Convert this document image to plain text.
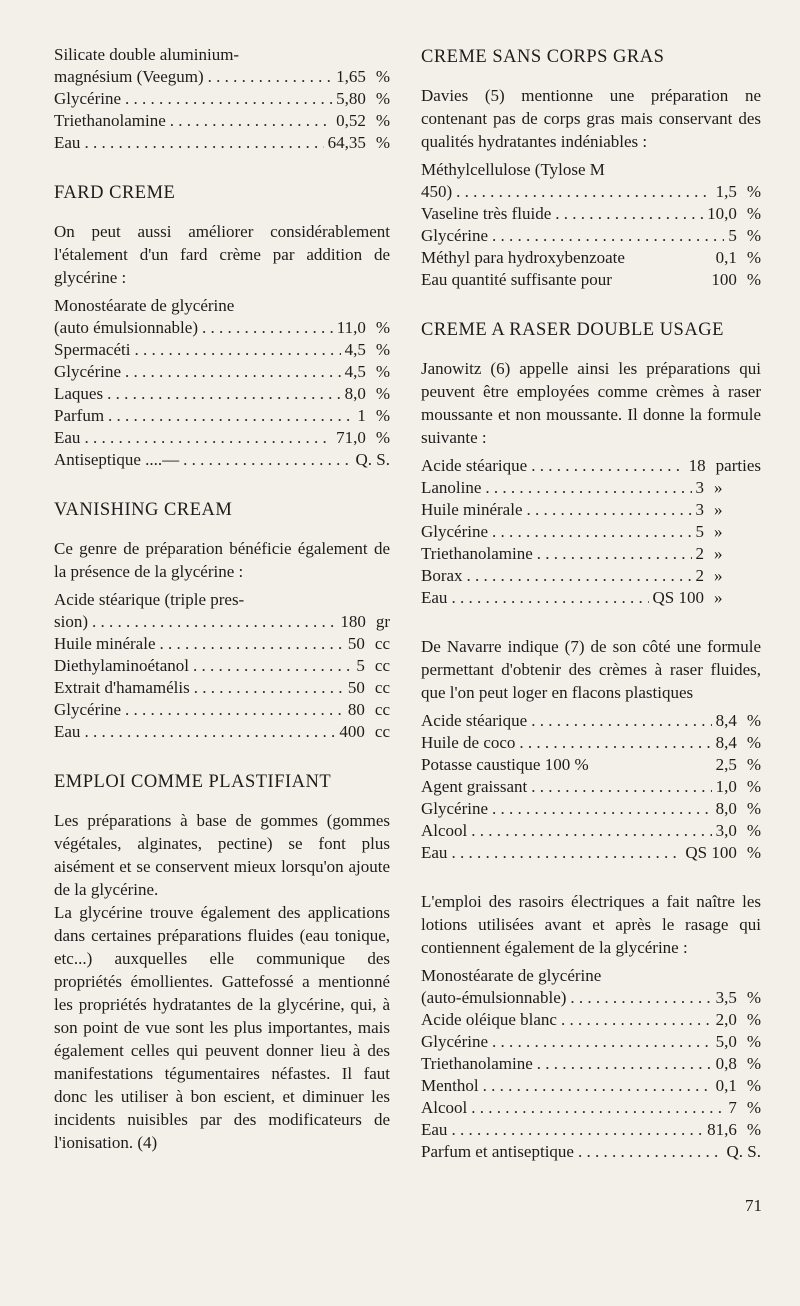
Silicate double aluminium-
magnésium (Veegum) . . .	1,65 %
Glycérine . . .	5,80 %
Triethanolamine . . .	0,52 %
Eau . . .	64,35 %
FARD CREME

On peut aussi améliorer considérablement l'étalement d'un fard crème par addition de glycérine :

Monostéarate de glycérine
(auto émulsionnable) . . .	11,0 %
Spermacéti . . .	4,5 %
Glycérine . . .	4,5 %
Laques . . .	8,0 %
Parfum . . .	1 %
Eau . . .	71,0 %
Antiseptique ....— . . .	Q. S.
VANISHING CREAM

Ce genre de préparation bénéficie également de la présence de la glycérine :

Acide stéarique (triple pres-
sion) . . .	180 gr
Huile minérale . . .	50 cc
Diethylaminoétanol . . .	5 cc
Extrait d'hamamélis . . .	50 cc
Glycérine . . .	80 cc
Eau . . .	400 cc
EMPLOI COMME PLASTIFIANT

Les préparations à base de gommes (gommes végétales, alginates, pectine) se font plus aisément et se conservent mieux lorsqu'on ajoute de la glycérine.

La glycérine trouve également des applications dans certaines préparations fluides (eau tonique, etc...) auxquelles elle communique des propriétés émollientes. Gattefossé a mentionné les propriétés hydratantes de la glycérine, qui, à son point de vue sont les plus importantes, mais également celles qui peuvent donner lieu à des manifestations tégumentaires néfastes. Il faut donc les utiliser à bon escient, et diminuer les incidents nuisibles par des modificateurs de l'ionisation. (4)

CREME SANS CORPS GRAS

Davies (5) mentionne une préparation ne contenant pas de corps gras mais conservant des qualités hydratantes indéniables :

Méthylcellulose (Tylose M
450) . . .	1,5 %
Vaseline très fluide . . .	10,0 %
Glycérine . . .	5 %
Méthyl para hydroxybenzoate	0,1 %
Eau quantité suffisante pour	100 %
CREME A RASER DOUBLE USAGE

Janowitz (6) appelle ainsi les préparations qui peuvent être employées comme crèmes à raser moussante et non moussante. Il donne la formule suivante :

Acide stéarique . . .	18 parties
Lanoline . . .	3 »
Huile minérale . . .	3 »
Glycérine . . .	5 »
Triethanolamine . . .	2 »
Borax . . .	2 »
Eau . . .	QS 100 »

De Navarre indique (7) de son côté une formule permettant d'obtenir des crèmes à raser fluides, que l'on peut loger en flacons plastiques

Acide stéarique . . .	8,4 %
Huile de coco . . .	8,4 %
Potasse caustique 100 %	2,5 %
Agent graissant . . .	1,0 %
Glycérine . . .	8,0 %
Alcool . . .	3,0 %
Eau . . .	QS 100 %

L'emploi des rasoirs électriques a fait naître les lotions utilisées avant et après le rasage qui contiennent également de la glycérine :

Monostéarate de glycérine
(auto-émulsionnable) . . .	3,5 %
Acide oléique blanc . . .	2,0 %
Glycérine . . .	5,0 %
Triethanolamine . . .	0,8 %
Menthol . . .	0,1 %
Alcool . . .	7 %
Eau . . .	81,6 %
Parfum et antiseptique . . .	Q. S.
71
